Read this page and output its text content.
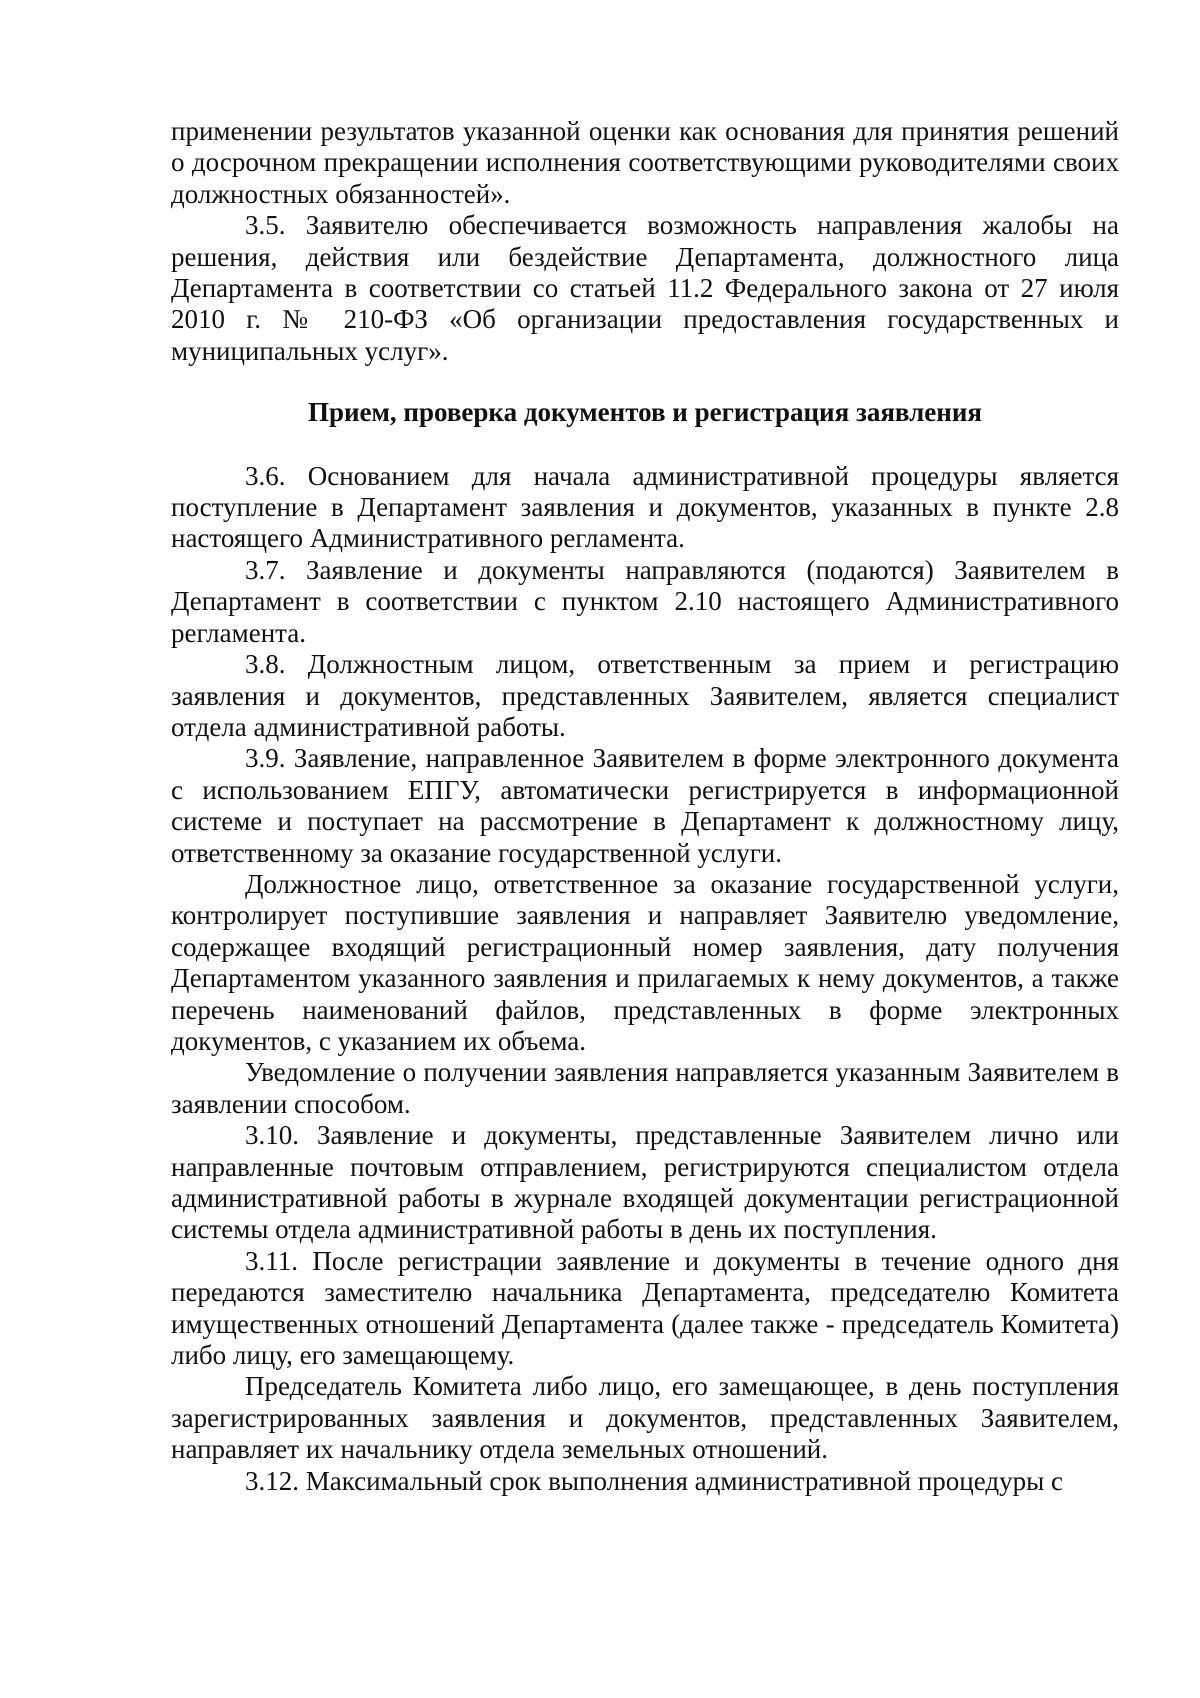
применении результатов указанной оценки как основания для принятия решений о досрочном прекращении исполнения соответствующими руководителями своих должностных обязанностей».

3.5. Заявителю обеспечивается возможность направления жалобы на решения, действия или бездействие Департамента, должностного лица Департамента в соответствии со статьей 11.2 Федерального закона от 27 июля 2010 г. № 210-ФЗ «Об организации предоставления государственных и муниципальных услуг».

Прием, проверка документов и регистрация заявления

3.6. Основанием для начала административной процедуры является поступление в Департамент заявления и документов, указанных в пункте 2.8 настоящего Административного регламента.

3.7. Заявление и документы направляются (подаются) Заявителем в Департамент в соответствии с пунктом 2.10 настоящего Административного регламента.

3.8. Должностным лицом, ответственным за прием и регистрацию заявления и документов, представленных Заявителем, является специалист отдела административной работы.

3.9. Заявление, направленное Заявителем в форме электронного документа с использованием ЕПГУ, автоматически регистрируется в информационной системе и поступает на рассмотрение в Департамент к должностному лицу, ответственному за оказание государственной услуги.

Должностное лицо, ответственное за оказание государственной услуги, контролирует поступившие заявления и направляет Заявителю уведомление, содержащее входящий регистрационный номер заявления, дату получения Департаментом указанного заявления и прилагаемых к нему документов, а также перечень наименований файлов, представленных в форме электронных документов, с указанием их объема.

Уведомление о получении заявления направляется указанным Заявителем в заявлении способом.

3.10. Заявление и документы, представленные Заявителем лично или направленные почтовым отправлением, регистрируются специалистом отдела административной работы в журнале входящей документации регистрационной системы отдела административной работы в день их поступления.

3.11. После регистрации заявление и документы в течение одного дня передаются заместителю начальника Департамента, председателю Комитета имущественных отношений Департамента (далее также - председатель Комитета) либо лицу, его замещающему.

Председатель Комитета либо лицо, его замещающее, в день поступления зарегистрированных заявления и документов, представленных Заявителем, направляет их начальнику отдела земельных отношений.

3.12. Максимальный срок выполнения административной процедуры с
